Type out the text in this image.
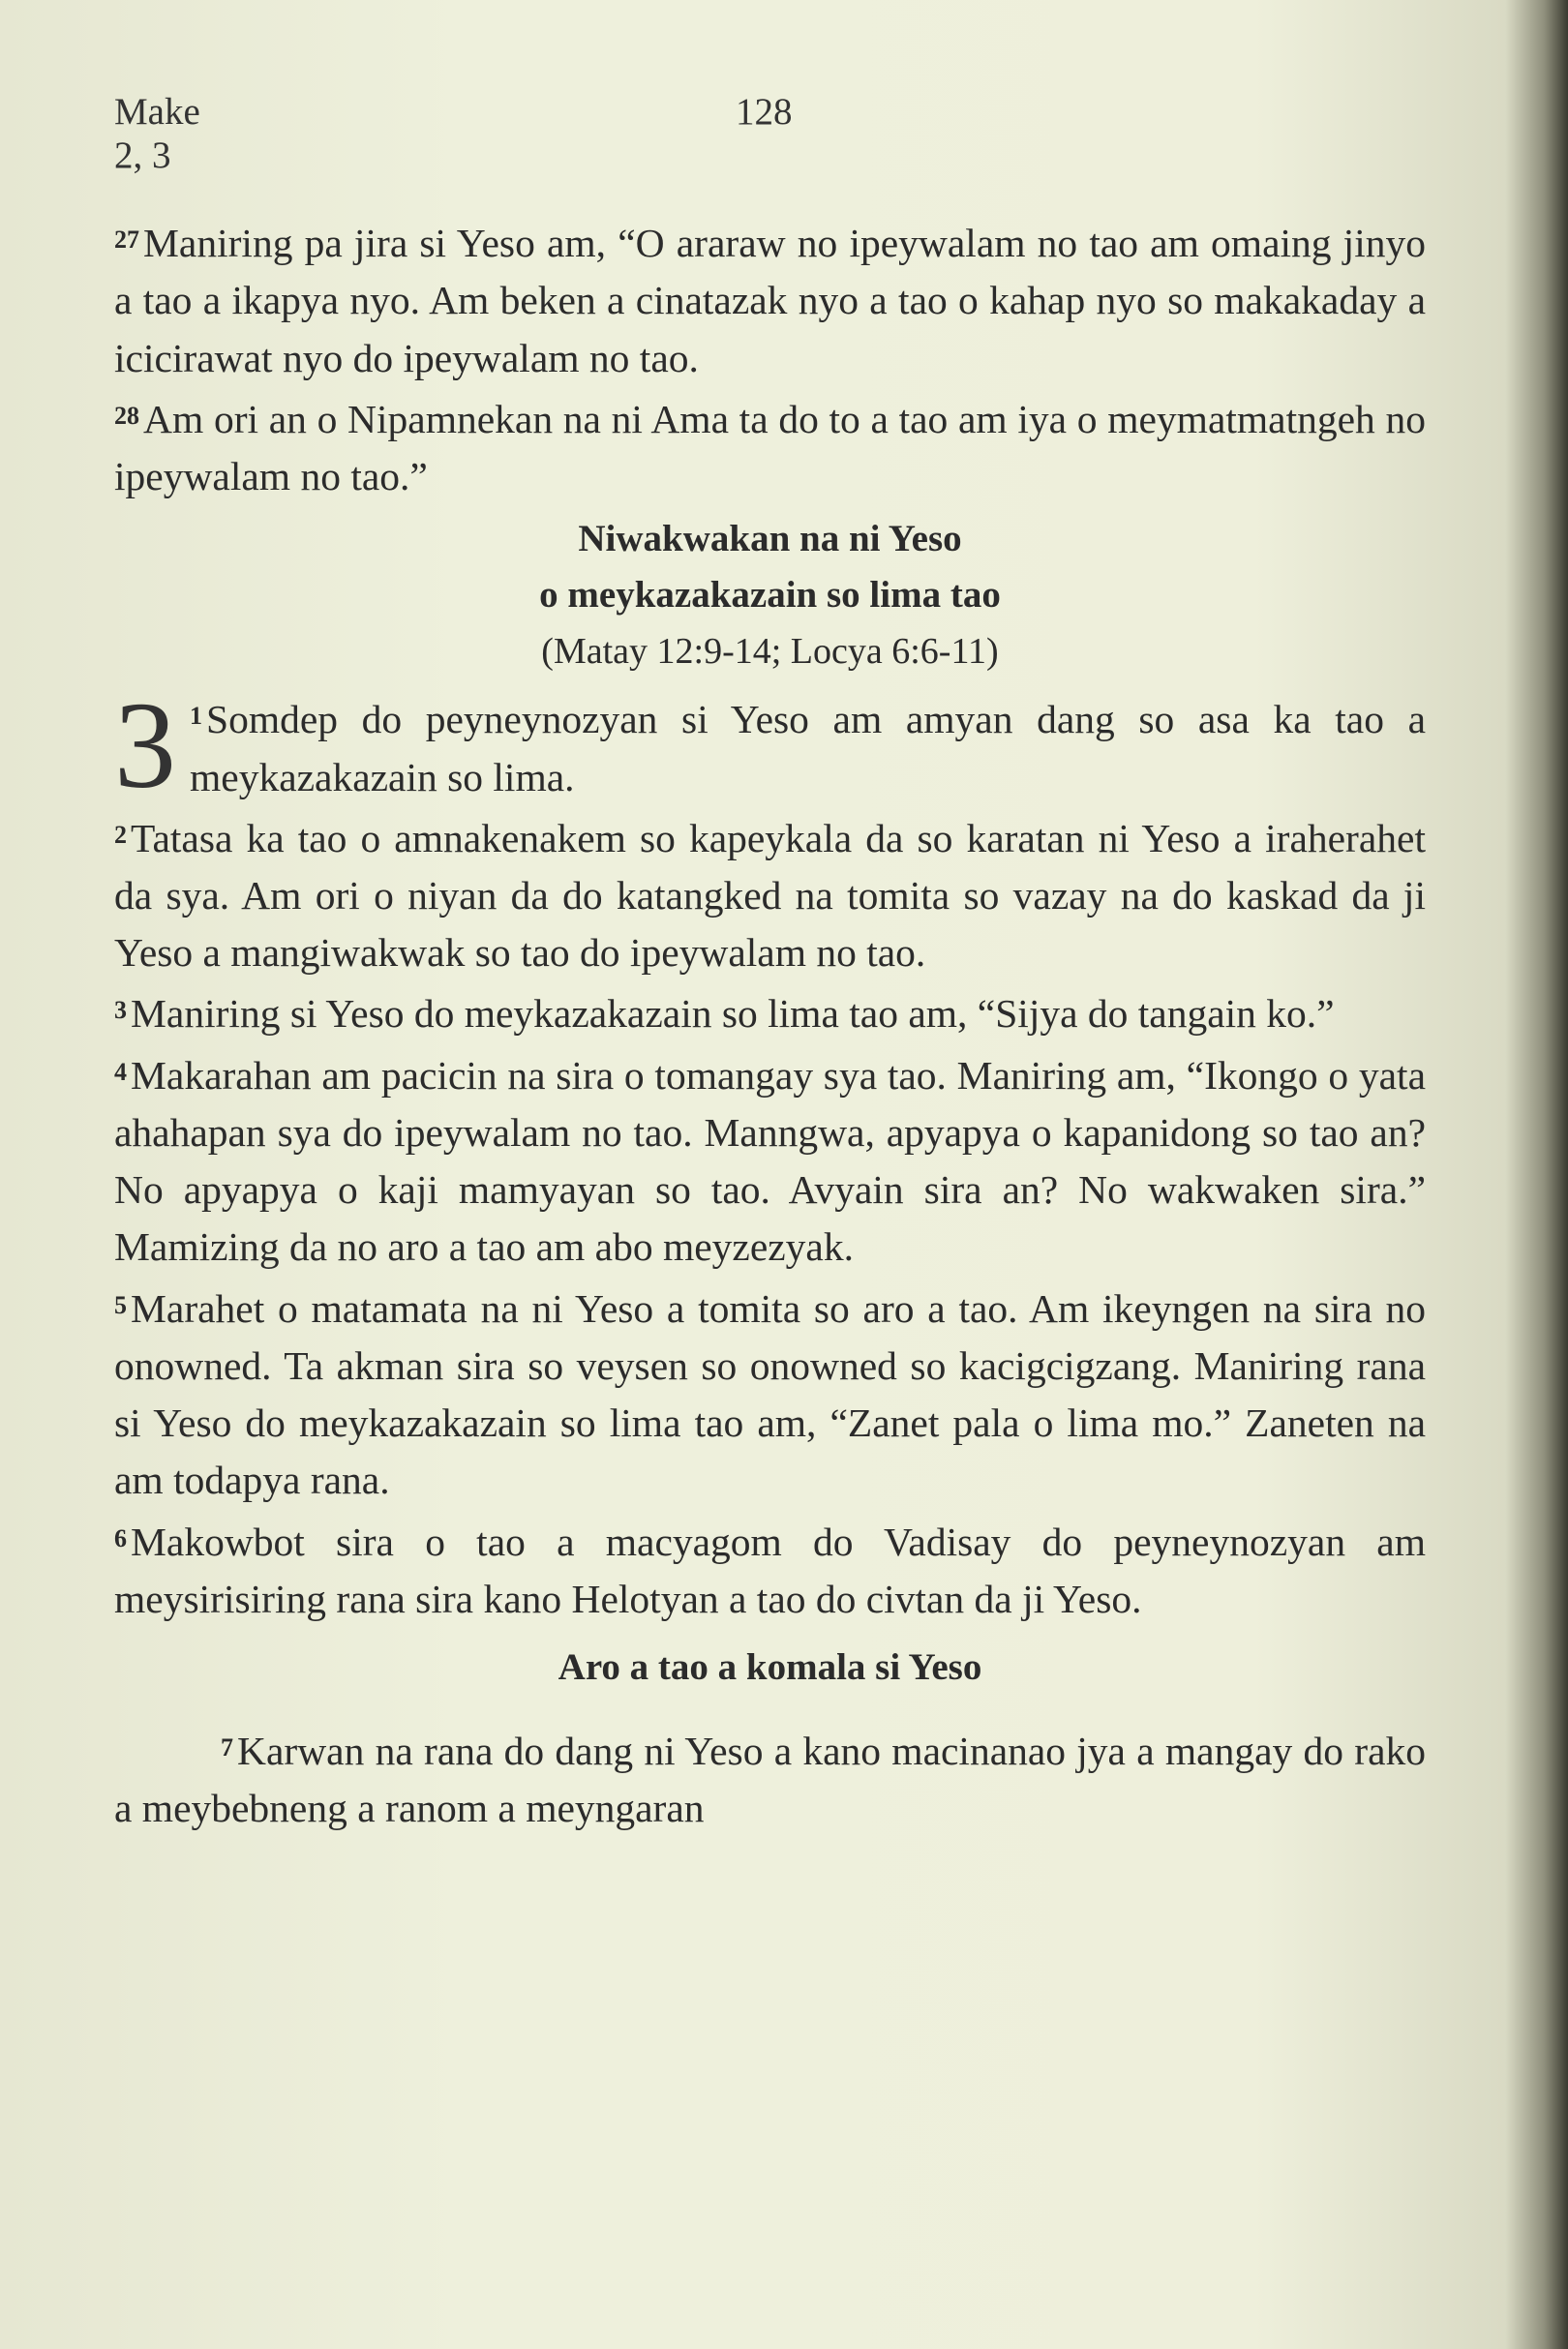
Make 2, 3
128

$^{27}$Maniring pa jira si Yeso am, “O araraw no ipeywalam no tao am omaing jinyo a tao a ikapya nyo. Am beken a cinatazak nyo a tao o kahap nyo so makakaday a icicirawat nyo do ipeywalam no tao.

$^{28}$Am ori an o Nipamnekan na ni Ama ta do to a tao am iya o meymatmatngeh no ipeywalam no tao.”

Niwakwakan na ni Yeso
o meykazakazain so lima tao
(Matay 12:9-14; Locya 6:6-11)

3 $^1$Somdep do peyneynozyan si Yeso am amyan dang so asa ka tao a meykazakazain so lima.

$^2$Tatasa ka tao o amnakenakem so kapeykala da so karatan ni Yeso a iraherahet da sya. Am ori o niyan da do katangked na tomita so vazay na do kaskad da ji Yeso a mangiwakwak so tao do ipeywalam no tao.

$^3$Maniring si Yeso do meykazakazain so lima tao am, “Sijya do tangain ko.”

$^4$Makarahan am pacicin na sira o tomangay sya tao. Maniring am, “Ikongo o yata ahahapan sya do ipeywalam no tao. Manngwa, apyapya o kapanidong so tao an? No apyapya o kaji mamyayan so tao. Avyain sira an? No wakwaken sira.” Mamizing da no aro a tao am abo meyzezyak.

$^5$Marahet o matamata na ni Yeso a tomita so aro a tao. Am ikeyngen na sira no onowned. Ta akman sira so veysen so onowned so kacigcigzang. Maniring rana si Yeso do meykazakazain so lima tao am, “Zanet pala o lima mo.” Zaneten na am todapya rana.

$^6$Makowbot sira o tao a macyagom do Vadisay do peyneynozyan am meysirisiring rana sira kano Helotyan a tao do civtan da ji Yeso.

Aro a tao a komala si Yeso

$^7$Karwan na rana do dang ni Yeso a kano macinanao jya a mangay do rako a meybebneng a ranom a meyngaran
